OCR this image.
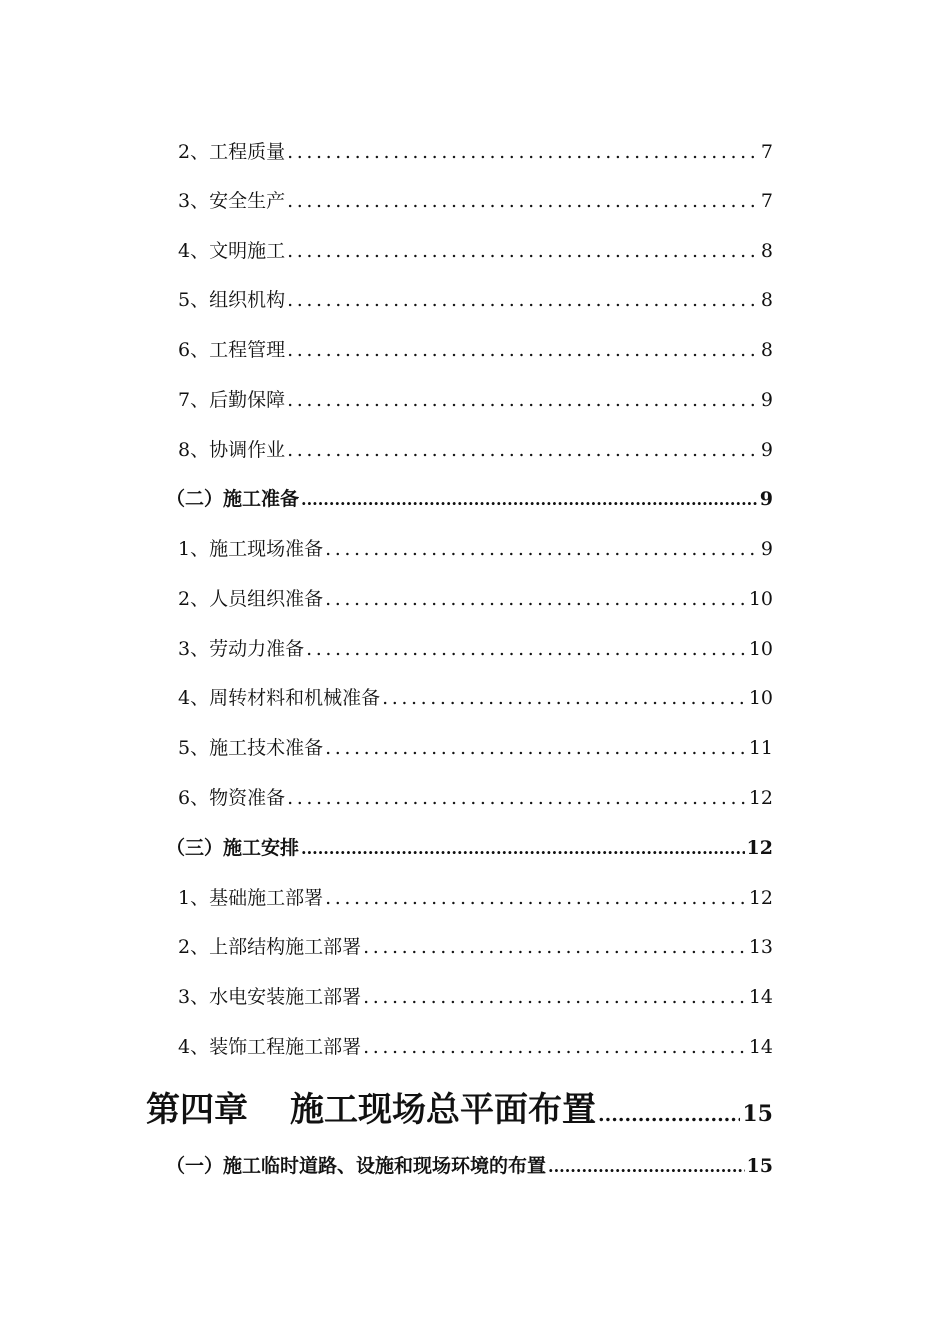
2、工程质量 .....	7
3、安全生产 .....	7
4、文明施工 .....	8
5、组织机构 .....	8
6、工程管理 .....	8
7、后勤保障 .....	9
8、协调作业 .....	9
（二）施工准备 .....	9
1、施工现场准备 .....	9
2、人员组织准备 .....	10
3、劳动力准备 .....	10
4、周转材料和机械准备 .....	10
5、施工技术准备 .....	11
6、物资准备 .....	12
（三）施工安排 .....	12
1、基础施工部署 .....	12
2、上部结构施工部署 .....	13
3、水电安装施工部署 .....	14
4、装饰工程施工部署 .....	14
第四章 施工现场总平面布置 .....	15
（一）施工临时道路、设施和现场环境的布置 .....	15
